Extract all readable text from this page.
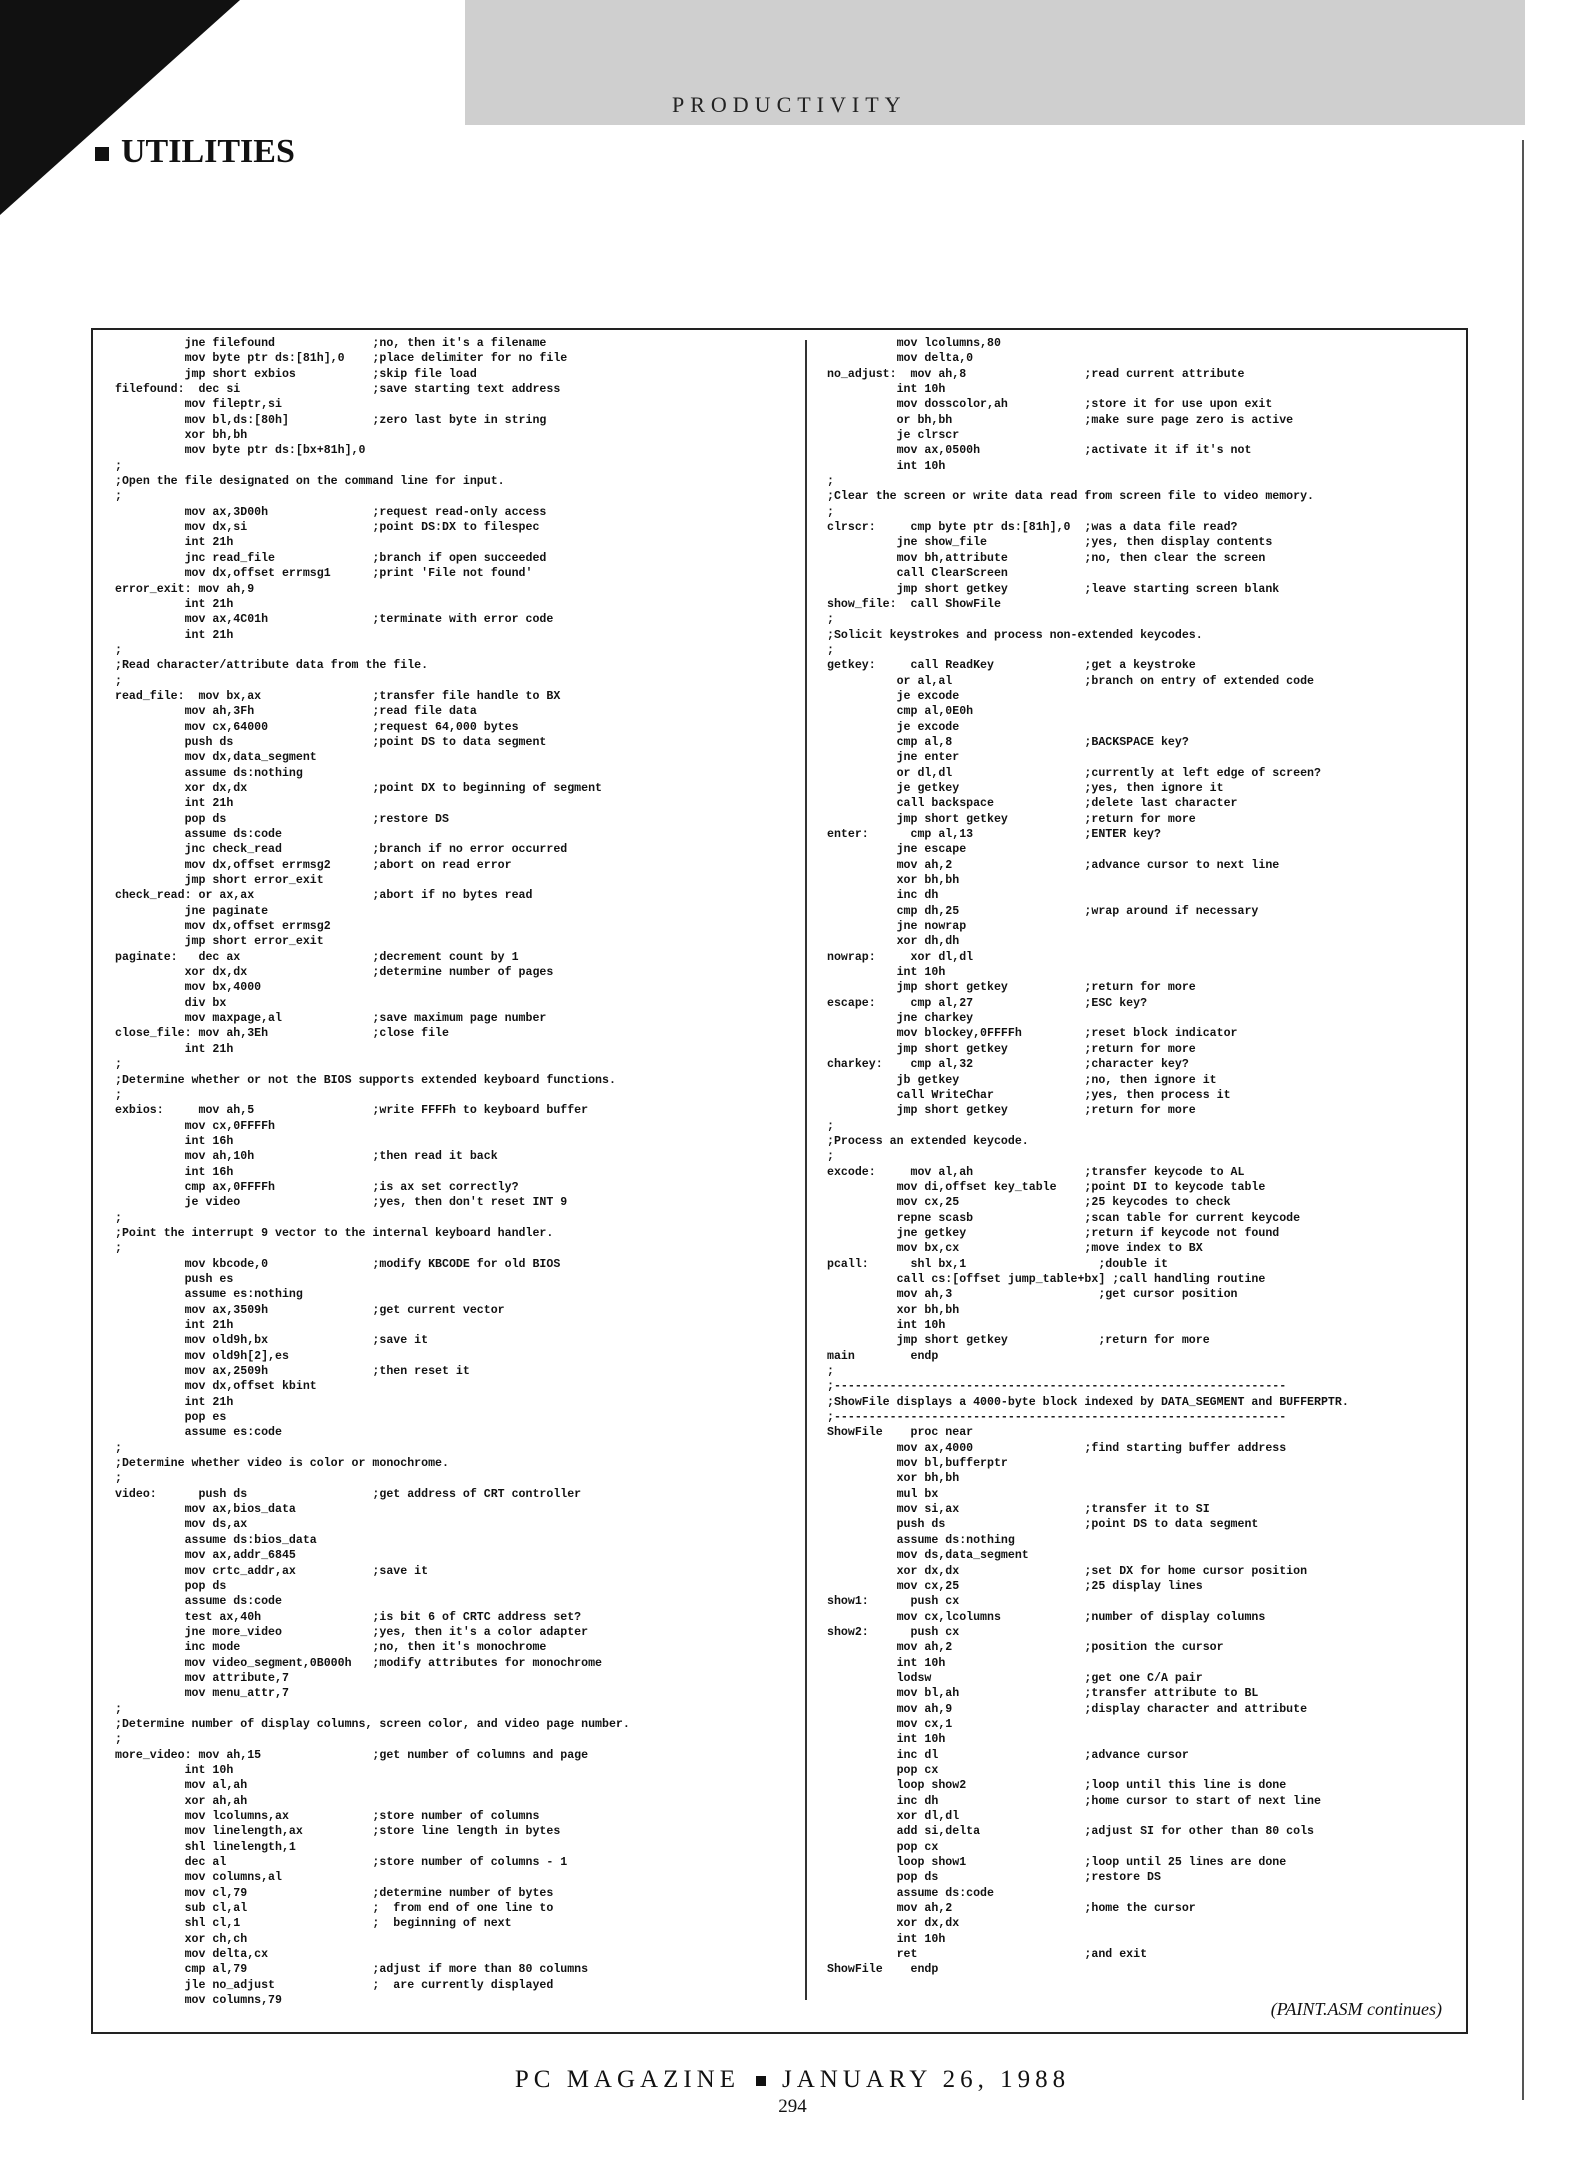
PRODUCTIVITY
UTILITIES
jne filefound              ;no, then it's a filename
mov byte ptr ds:[81h],0    ;place delimiter for no file
jmp short exbios           ;skip file load
filefound:  dec si                   ;save starting text address
mov fileptr,si
mov bl,ds:[80h]            ;zero last byte in string
xor bh,bh
mov byte ptr ds:[bx+81h],0
;
;Open the file designated on the command line for input.
;
mov ax,3D00h               ;request read-only access
mov dx,si                  ;point DS:DX to filespec
int 21h
jnc read_file              ;branch if open succeeded
mov dx,offset errmsg1      ;print 'File not found'
error_exit: mov ah,9
int 21h
mov ax,4C01h               ;terminate with error code
int 21h
;
;Read character/attribute data from the file.
;
read_file:  mov bx,ax                ;transfer file handle to BX
mov ah,3Fh                 ;read file data
mov cx,64000               ;request 64,000 bytes
push ds                    ;point DS to data segment
mov dx,data_segment
assume ds:nothing
xor dx,dx                  ;point DX to beginning of segment
int 21h
pop ds                     ;restore DS
assume ds:code
jnc check_read             ;branch if no error occurred
mov dx,offset errmsg2      ;abort on read error
jmp short error_exit
check_read: or ax,ax                 ;abort if no bytes read
jne paginate
mov dx,offset errmsg2
jmp short error_exit
paginate:   dec ax                   ;decrement count by 1
xor dx,dx                  ;determine number of pages
mov bx,4000
div bx
mov maxpage,al             ;save maximum page number
close_file: mov ah,3Eh               ;close file
int 21h
;
;Determine whether or not the BIOS supports extended keyboard functions.
;
exbios:     mov ah,5                 ;write FFFFh to keyboard buffer
mov cx,0FFFFh
int 16h
mov ah,10h                 ;then read it back
int 16h
cmp ax,0FFFFh              ;is ax set correctly?
je video                   ;yes, then don't reset INT 9
;
;Point the interrupt 9 vector to the internal keyboard handler.
;
mov kbcode,0               ;modify KBCODE for old BIOS
push es
assume es:nothing
mov ax,3509h               ;get current vector
int 21h
mov old9h,bx               ;save it
mov old9h[2],es
mov ax,2509h               ;then reset it
mov dx,offset kbint
int 21h
pop es
assume es:code
;
;Determine whether video is color or monochrome.
;
video:      push ds                  ;get address of CRT controller
mov ax,bios_data
mov ds,ax
assume ds:bios_data
mov ax,addr_6845
mov crtc_addr,ax           ;save it
pop ds
assume ds:code
test ax,40h                ;is bit 6 of CRTC address set?
jne more_video             ;yes, then it's a color adapter
inc mode                   ;no, then it's monochrome
mov video_segment,0B000h   ;modify attributes for monochrome
mov attribute,7
mov menu_attr,7
;
;Determine number of display columns, screen color, and video page number.
;
more_video: mov ah,15                ;get number of columns and page
int 10h
mov al,ah
xor ah,ah
mov lcolumns,ax            ;store number of columns
mov linelength,ax          ;store line length in bytes
shl linelength,1
dec al                     ;store number of columns - 1
mov columns,al
mov cl,79                  ;determine number of bytes
sub cl,al                  ;  from end of one line to
shl cl,1                   ;  beginning of next
xor ch,ch
mov delta,cx
cmp al,79                  ;adjust if more than 80 columns
jle no_adjust              ;  are currently displayed
mov columns,79
mov lcolumns,80
mov delta,0
no_adjust:  mov ah,8                 ;read current attribute
int 10h
mov dosscolor,ah           ;store it for use upon exit
or bh,bh                   ;make sure page zero is active
je clrscr
mov ax,0500h               ;activate it if it's not
int 10h
;
;Clear the screen or write data read from screen file to video memory.
;
clrscr:     cmp byte ptr ds:[81h],0  ;was a data file read?
jne show_file              ;yes, then display contents
mov bh,attribute           ;no, then clear the screen
call ClearScreen
jmp short getkey           ;leave starting screen blank
show_file:  call ShowFile
;
;Solicit keystrokes and process non-extended keycodes.
;
getkey:     call ReadKey             ;get a keystroke
or al,al                   ;branch on entry of extended code
je excode
cmp al,0E0h
je excode
cmp al,8                   ;BACKSPACE key?
jne enter
or dl,dl                   ;currently at left edge of screen?
je getkey                  ;yes, then ignore it
call backspace             ;delete last character
jmp short getkey           ;return for more
enter:      cmp al,13                ;ENTER key?
jne escape
mov ah,2                   ;advance cursor to next line
xor bh,bh
inc dh
cmp dh,25                  ;wrap around if necessary
jne nowrap
xor dh,dh
nowrap:     xor dl,dl
int 10h
jmp short getkey           ;return for more
escape:     cmp al,27                ;ESC key?
jne charkey
mov blockey,0FFFFh         ;reset block indicator
jmp short getkey           ;return for more
charkey:    cmp al,32                ;character key?
jb getkey                  ;no, then ignore it
call WriteChar             ;yes, then process it
jmp short getkey           ;return for more
;
;Process an extended keycode.
;
excode:     mov al,ah                ;transfer keycode to AL
mov di,offset key_table    ;point DI to keycode table
mov cx,25                  ;25 keycodes to check
repne scasb                ;scan table for current keycode
jne getkey                 ;return if keycode not found
mov bx,cx                  ;move index to BX
pcall:      shl bx,1                   ;double it
call cs:[offset jump_table+bx] ;call handling routine
mov ah,3                     ;get cursor position
xor bh,bh
int 10h
jmp short getkey             ;return for more
main        endp
;
;-----------------------------------------------------------------
;ShowFile displays a 4000-byte block indexed by DATA_SEGMENT and BUFFERPTR.
;-----------------------------------------------------------------
ShowFile    proc near
mov ax,4000                ;find starting buffer address
mov bl,bufferptr
xor bh,bh
mul bx
mov si,ax                  ;transfer it to SI
push ds                    ;point DS to data segment
assume ds:nothing
mov ds,data_segment
xor dx,dx                  ;set DX for home cursor position
mov cx,25                  ;25 display lines
show1:      push cx
mov cx,lcolumns            ;number of display columns
show2:      push cx
mov ah,2                   ;position the cursor
int 10h
lodsw                      ;get one C/A pair
mov bl,ah                  ;transfer attribute to BL
mov ah,9                   ;display character and attribute
mov cx,1
int 10h
inc dl                     ;advance cursor
pop cx
loop show2                 ;loop until this line is done
inc dh                     ;home cursor to start of next line
xor dl,dl
add si,delta               ;adjust SI for other than 80 cols
pop cx
loop show1                 ;loop until 25 lines are done
pop ds                     ;restore DS
assume ds:code
mov ah,2                   ;home the cursor
xor dx,dx
int 10h
ret                        ;and exit
ShowFile    endp
(PAINT.ASM continues)
PC MAGAZINE JANUARY 26, 1988
294
